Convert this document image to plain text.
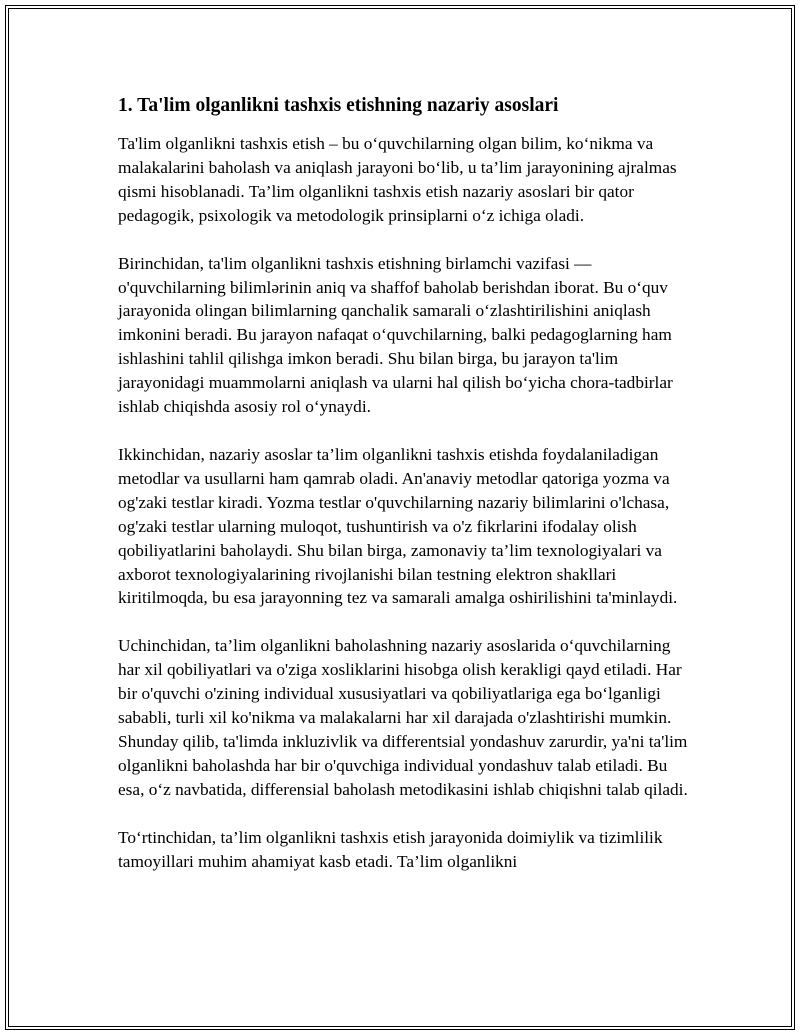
1. Ta'lim olganlikni tashxis etishning nazariy asoslari

Ta'lim olganlikni tashxis etish – bu oʻquvchilarning olgan bilim, koʻnikma va malakalarini baholash va aniqlash jarayoni boʻlib, u ta’lim jarayonining ajralmas qismi hisoblanadi. Ta’lim olganlikni tashxis etish nazariy asoslari bir qator pedagogik, psixologik va metodologik prinsiplarni oʻz ichiga oladi.

Birinchidan, ta'lim olganlikni tashxis etishning birlamchi vazifasi — o'quvchilarning bilimlərinin aniq va shaffof baholab berishdan iborat. Bu oʻquv jarayonida olingan bilimlarning qanchalik samarali oʻzlashtirilishini aniqlash imkonini beradi. Bu jarayon nafaqat oʻquvchilarning, balki pedagoglarning ham ishlashini tahlil qilishga imkon beradi. Shu bilan birga, bu jarayon ta'lim jarayonidagi muammolarni aniqlash va ularni hal qilish boʻyicha chora-tadbirlar ishlab chiqishda asosiy rol oʻynaydi.

Ikkinchidan, nazariy asoslar ta’lim olganlikni tashxis etishda foydalaniladigan metodlar va usullarni ham qamrab oladi. An'anaviy metodlar qatoriga yozma va og'zaki testlar kiradi. Yozma testlar o'quvchilarning nazariy bilimlarini o'lchasa, og'zaki testlar ularning muloqot, tushuntirish va o'z fikrlarini ifodalay olish qobiliyatlarini baholaydi. Shu bilan birga, zamonaviy ta’lim texnologiyalari va axborot texnologiyalarining rivojlanishi bilan testning elektron shakllari kiritilmoqda, bu esa jarayonning tez va samarali amalga oshirilishini ta'minlaydi.

Uchinchidan, ta’lim olganlikni baholashning nazariy asoslarida oʻquvchilarning har xil qobiliyatlari va o'ziga xosliklarini hisobga olish kerakligi qayd etiladi. Har bir o'quvchi o'zining individual xususiyatlari va qobiliyatlariga ega boʻlganligi sababli, turli xil ko'nikma va malakalarni har xil darajada o'zlashtirishi mumkin. Shunday qilib, ta'limda inkluzivlik va differentsial yondashuv zarurdir, ya'ni ta'lim olganlikni baholashda har bir o'quvchiga individual yondashuv talab etiladi. Bu esa, oʻz navbatida, differensial baholash metodikasini ishlab chiqishni talab qiladi.

Toʻrtinchidan, ta’lim olganlikni tashxis etish jarayonida doimiylik va tizimlilik tamoyillari muhim ahamiyat kasb etadi. Ta’lim olganlikni
